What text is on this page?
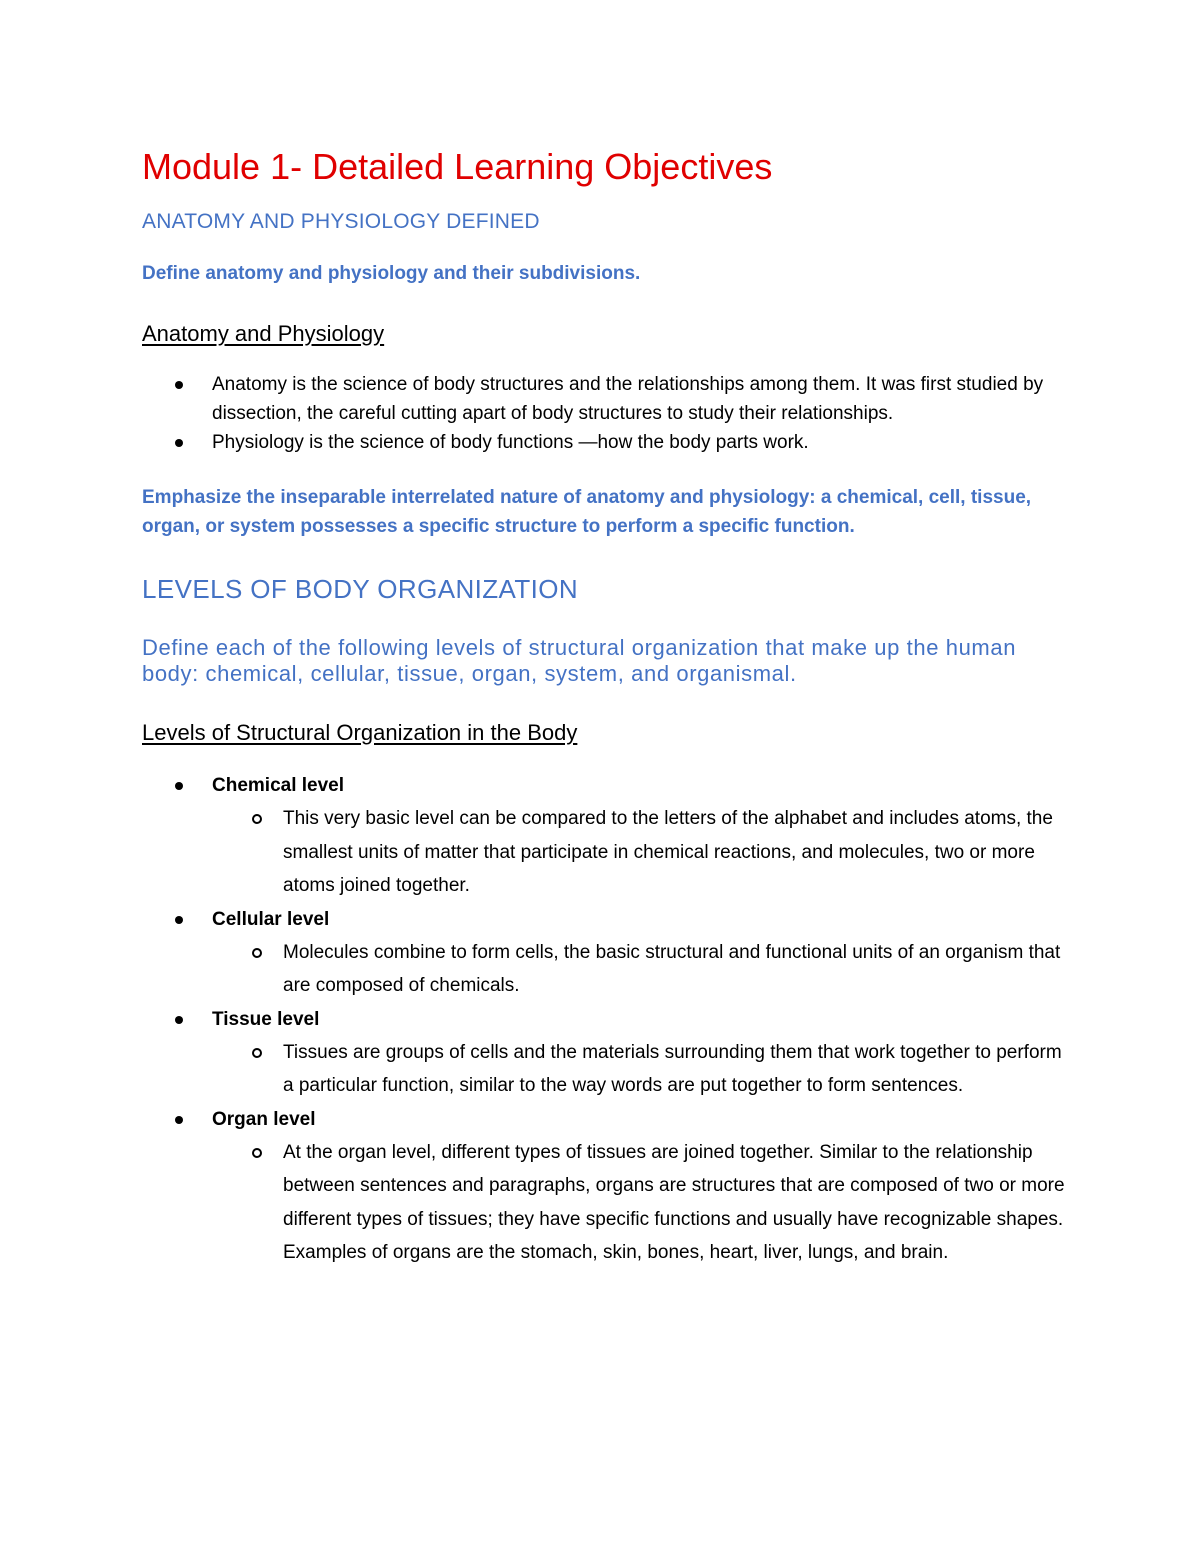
Module 1- Detailed Learning Objectives
ANATOMY AND PHYSIOLOGY DEFINED

Define anatomy and physiology and their subdivisions.

Anatomy and Physiology
Anatomy is the science of body structures and the relationships among them. It was first studied by dissection, the careful cutting apart of body structures to study their relationships.
Physiology is the science of body functions —how the body parts work.

Emphasize the inseparable interrelated nature of anatomy and physiology: a chemical, cell, tissue, organ, or system possesses a specific structure to perform a specific function.

LEVELS OF BODY ORGANIZATION

Define each of the following levels of structural organization that make up the human body: chemical, cellular, tissue, organ, system, and organismal.

Levels of Structural Organization in the Body
Chemical level
This very basic level can be compared to the letters of the alphabet and includes atoms, the smallest units of matter that participate in chemical reactions, and molecules, two or more atoms joined together.
Cellular level
Molecules combine to form cells, the basic structural and functional units of an organism that are composed of chemicals.
Tissue level
Tissues are groups of cells and the materials surrounding them that work together to perform a particular function, similar to the way words are put together to form sentences.
Organ level
At the organ level, different types of tissues are joined together. Similar to the relationship between sentences and paragraphs, organs are structures that are composed of two or more different types of tissues; they have specific functions and usually have recognizable shapes. Examples of organs are the stomach, skin, bones, heart, liver, lungs, and brain.
